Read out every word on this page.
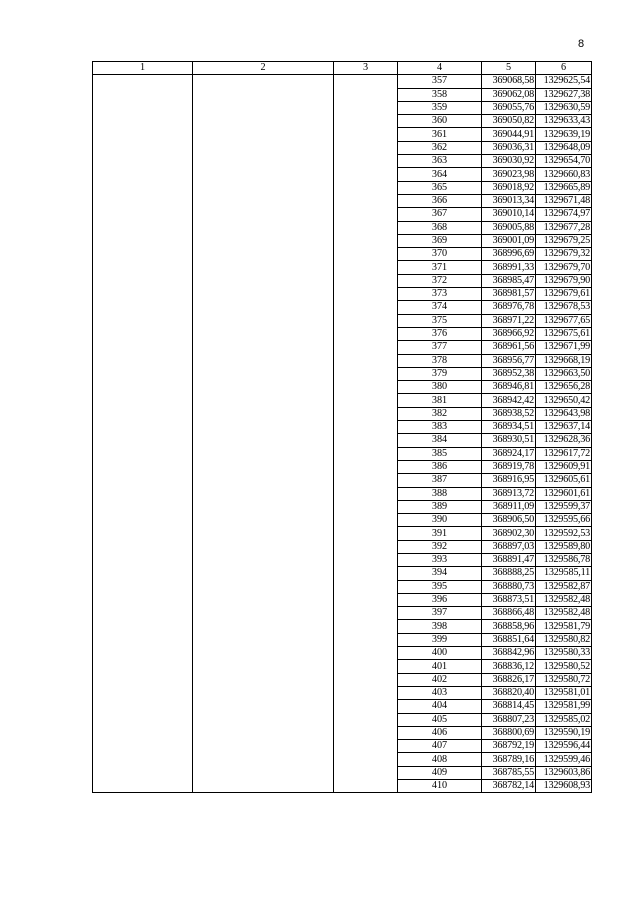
8
1	2	3	4	5	6
			357	369068,58	1329625,54
			358	369062,08	1329627,38
			359	369055,76	1329630,59
			360	369050,82	1329633,43
			361	369044,91	1329639,19
			362	369036,31	1329648,09
			363	369030,92	1329654,70
			364	369023,98	1329660,83
			365	369018,92	1329665,89
			366	369013,34	1329671,48
			367	369010,14	1329674,97
			368	369005,88	1329677,28
			369	369001,09	1329679,25
			370	368996,69	1329679,32
			371	368991,33	1329679,70
			372	368985,47	1329679,90
			373	368981,57	1329679,61
			374	368976,78	1329678,53
			375	368971,22	1329677,65
			376	368966,92	1329675,61
			377	368961,56	1329671,99
			378	368956,77	1329668,19
			379	368952,38	1329663,50
			380	368946,81	1329656,28
			381	368942,42	1329650,42
			382	368938,52	1329643,98
			383	368934,51	1329637,14
			384	368930,51	1329628,36
			385	368924,17	1329617,72
			386	368919,78	1329609,91
			387	368916,95	1329605,61
			388	368913,72	1329601,61
			389	368911,09	1329599,37
			390	368906,50	1329595,66
			391	368902,30	1329592,53
			392	368897,03	1329589,80
			393	368891,47	1329586,78
			394	368888,25	1329585,11
			395	368880,73	1329582,87
			396	368873,51	1329582,48
			397	368866,48	1329582,48
			398	368858,96	1329581,79
			399	368851,64	1329580,82
			400	368842,96	1329580,33
			401	368836,12	1329580,52
			402	368826,17	1329580,72
			403	368820,40	1329581,01
			404	368814,45	1329581,99
			405	368807,23	1329585,02
			406	368800,69	1329590,19
			407	368792,19	1329596,44
			408	368789,16	1329599,46
			409	368785,55	1329603,86
			410	368782,14	1329608,93
